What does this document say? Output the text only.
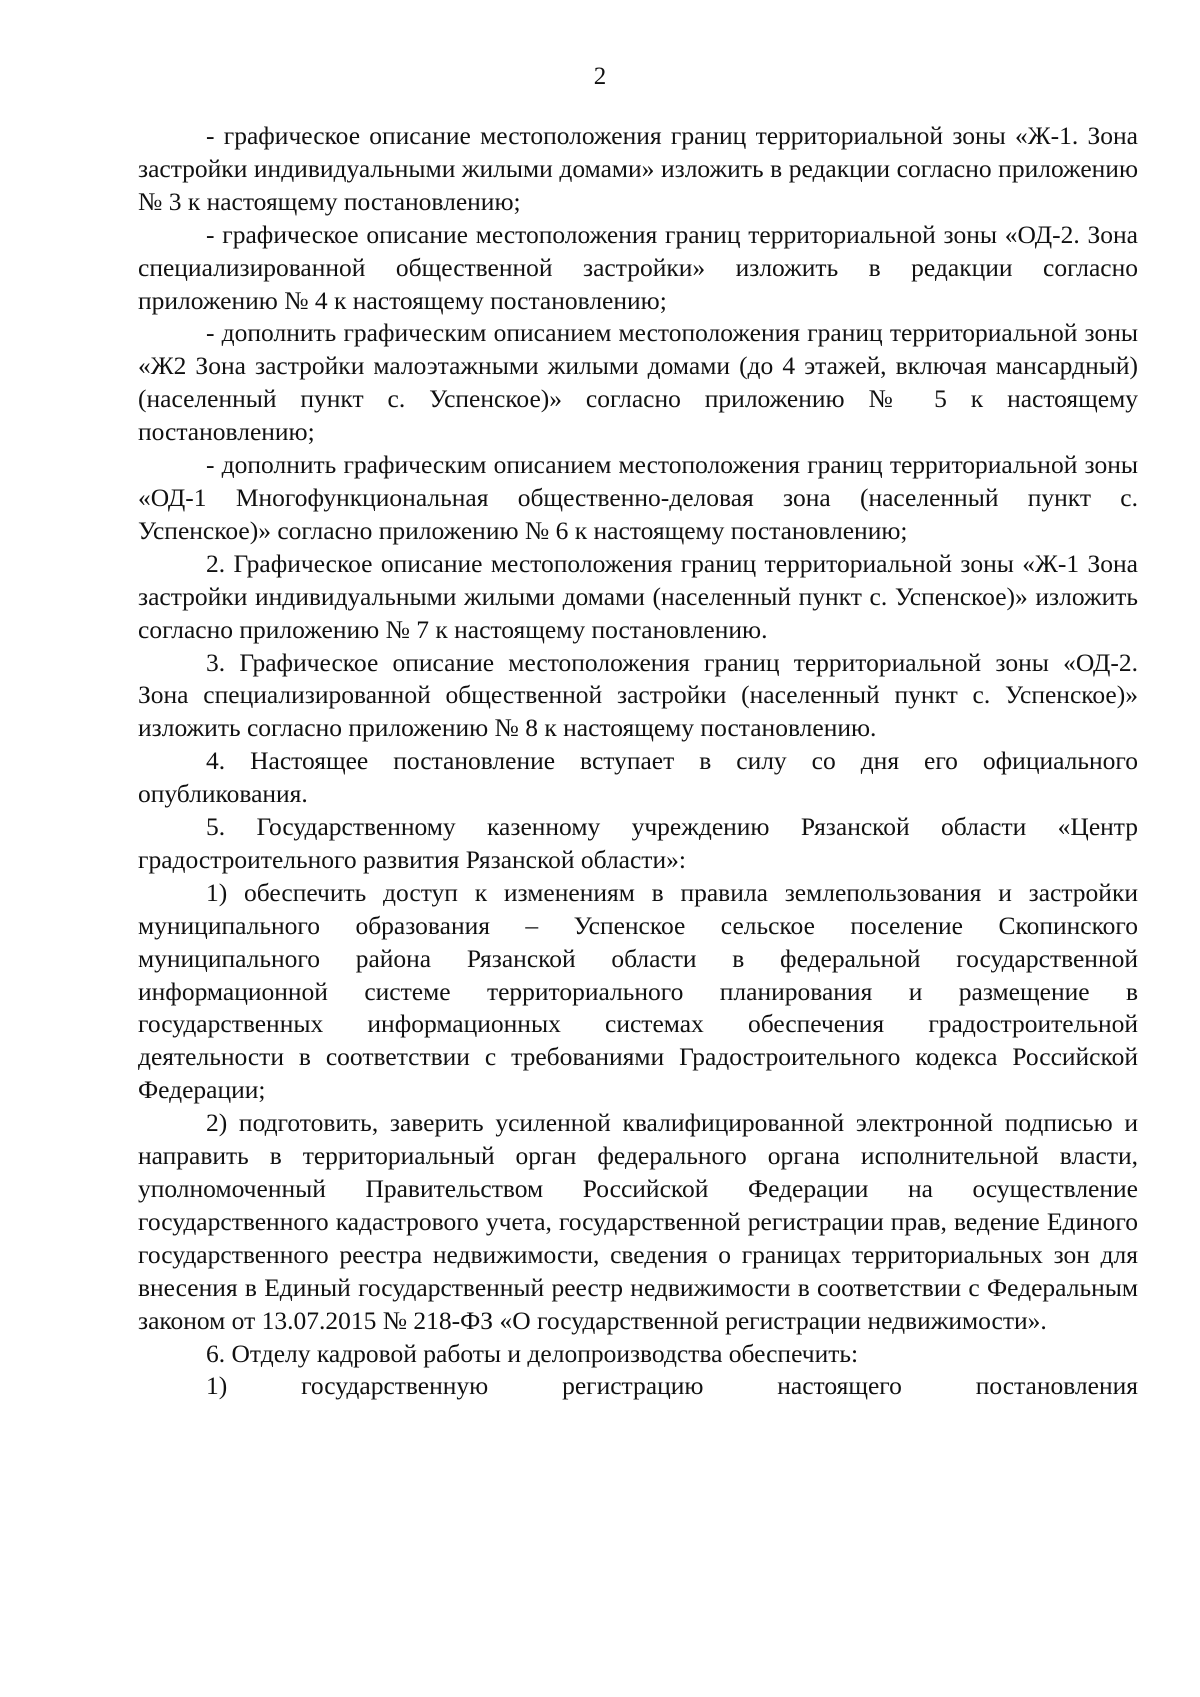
2

- графическое описание местоположения границ территориальной зоны «Ж-1. Зона застройки индивидуальными жилыми домами» изложить в редакции согласно приложению № 3 к настоящему постановлению;

- графическое описание местоположения границ территориальной зоны «ОД-2. Зона специализированной общественной застройки» изложить в редакции согласно приложению № 4 к настоящему постановлению;

- дополнить графическим описанием местоположения границ территориальной зоны «Ж2 Зона застройки малоэтажными жилыми домами (до 4 этажей, включая мансардный) (населенный пункт с. Успенское)» согласно приложению № 5 к настоящему постановлению;

- дополнить графическим описанием местоположения границ территориальной зоны «ОД-1 Многофункциональная общественно-деловая зона (населенный пункт с. Успенское)» согласно приложению № 6 к настоящему постановлению;

2. Графическое описание местоположения границ территориальной зоны «Ж-1 Зона застройки индивидуальными жилыми домами (населенный пункт с. Успенское)» изложить согласно приложению № 7 к настоящему постановлению.

3. Графическое описание местоположения границ территориальной зоны «ОД-2. Зона специализированной общественной застройки (населенный пункт с. Успенское)» изложить согласно приложению № 8 к настоящему постановлению.

4. Настоящее постановление вступает в силу со дня его официального опубликования.

5. Государственному казенному учреждению Рязанской области «Центр градостроительного развития Рязанской области»:

1) обеспечить доступ к изменениям в правила землепользования и застройки муниципального образования – Успенское сельское поселение Скопинского муниципального района Рязанской области в федеральной государственной информационной системе территориального планирования и размещение в государственных информационных системах обеспечения градостроительной деятельности в соответствии с требованиями Градостроительного кодекса Российской Федерации;

2) подготовить, заверить усиленной квалифицированной электронной подписью и направить в территориальный орган федерального органа исполнительной власти, уполномоченный Правительством Российской Федерации на осуществление государственного кадастрового учета, государственной регистрации прав, ведение Единого государственного реестра недвижимости, сведения о границах территориальных зон для внесения в Единый государственный реестр недвижимости в соответствии с Федеральным законом от 13.07.2015 № 218-ФЗ «О государственной регистрации недвижимости».

6. Отделу кадровой работы и делопроизводства обеспечить:

1)	государственную	регистрацию	настоящего	постановления
